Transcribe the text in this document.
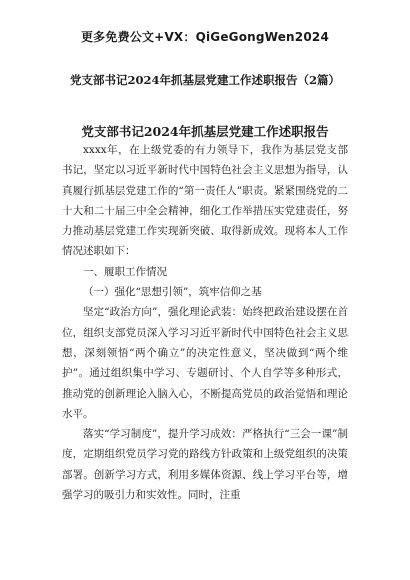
更多免费公文+VX：QiGeGongWen2024
党支部书记2024年抓基层党建工作述职报告（2篇）
党支部书记2024年抓基层党建工作述职报告

xxxx年，在上级党委的有力领导下，我作为基层党支部书记，坚定以习近平新时代中国特色社会主义思想为指导，认真履行抓基层党建工作的“第一责任人”职责。紧紧围绕党的二十大和二十届三中全会精神，细化工作举措压实党建责任，努力推动基层党建工作实现新突破、取得新成效。现将本人工作情况述职如下：

一、履职工作情况

（一）强化“思想引领”，筑牢信仰之基

坚定“政治方向”，强化理论武装：始终把政治建设摆在首位，组织支部党员深入学习习近平新时代中国特色社会主义思想，深刻领悟“两个确立”的决定性意义，坚决做到“两个维护”。通过组织集中学习、专题研讨、个人自学等多种形式，推动党的创新理论入脑入心，不断提高党员的政治觉悟和理论水平。

落实“学习制度”，提升学习成效：严格执行“三会一课”制度，定期组织党员学习党的路线方针政策和上级党组织的决策部署。创新学习方式，利用多媒体资源、线上学习平台等，增强学习的吸引力和实效性。同时，注重
